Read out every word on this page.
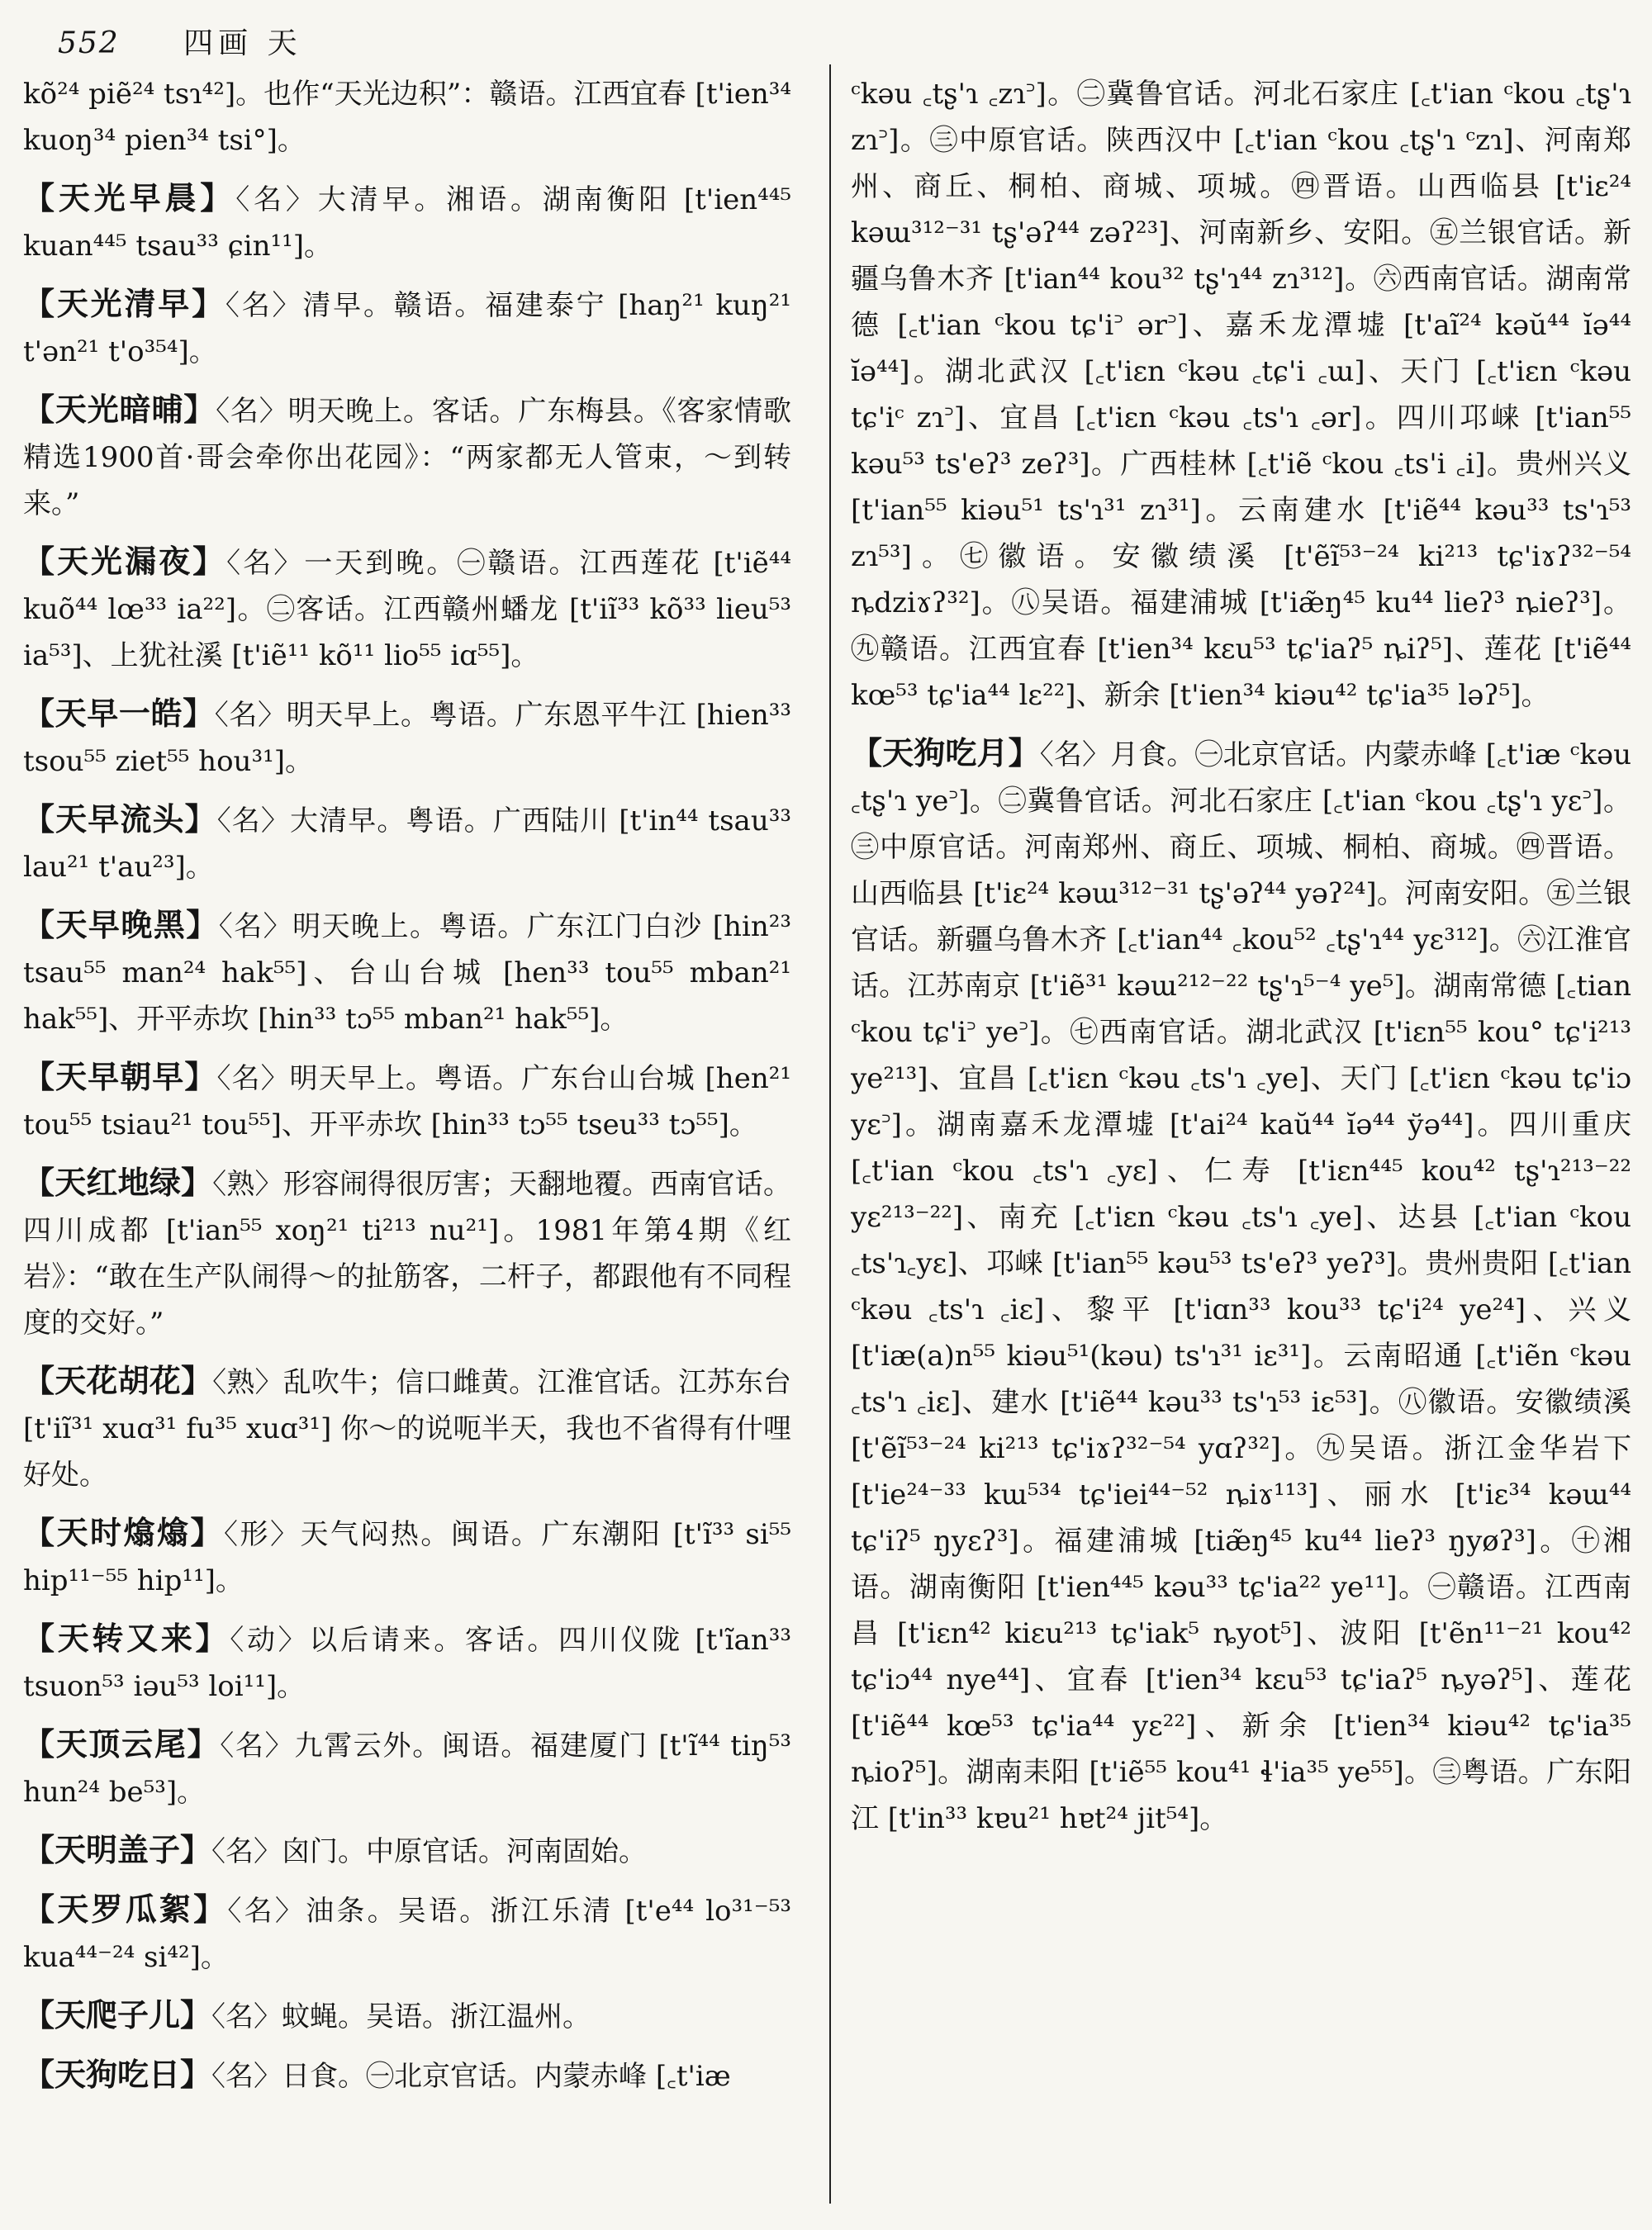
552 四画 天

kõ²⁴ piẽ²⁴ tsɿ⁴²]。也作“天光边积”：赣语。江西宜春 [t'ien³⁴ kuoŋ³⁴ pien³⁴ tsi°]。

【天光早晨】〈名〉大清早。湘语。湖南衡阳 [t'ien⁴⁴⁵ kuan⁴⁴⁵ tsau³³ ɕin¹¹]。

【天光清早】〈名〉清早。赣语。福建泰宁 [haŋ²¹ kuŋ²¹ t'ən²¹ t'o³⁵⁴]。

【天光暗晡】〈名〉明天晚上。客话。广东梅县。《客家情歌精选1900首·哥会牵你出花园》：“两家都无人管束，～到转来。”

【天光漏夜】〈名〉一天到晚。㊀赣语。江西莲花 [t'iẽ⁴⁴ kuõ⁴⁴ lœ³³ ia²²]。㊁客话。江西赣州蟠龙 [t'iĩ³³ kõ³³ lieu⁵³ ia⁵³]、上犹社溪 [t'iẽ¹¹ kõ¹¹ lio⁵⁵ iɑ⁵⁵]。

【天早一皓】〈名〉明天早上。粤语。广东恩平牛江 [hien³³ tsou⁵⁵ ziet⁵⁵ hou³¹]。

【天早流头】〈名〉大清早。粤语。广西陆川 [t'in⁴⁴ tsau³³ lau²¹ t'au²³]。

【天早晚黑】〈名〉明天晚上。粤语。广东江门白沙 [hin²³ tsau⁵⁵ man²⁴ hak⁵⁵]、台山台城 [hen³³ tou⁵⁵ mban²¹ hak⁵⁵]、开平赤坎 [hin³³ tɔ⁵⁵ mban²¹ hak⁵⁵]。

【天早朝早】〈名〉明天早上。粤语。广东台山台城 [hen²¹ tou⁵⁵ tsiau²¹ tou⁵⁵]、开平赤坎 [hin³³ tɔ⁵⁵ tseu³³ tɔ⁵⁵]。

【天红地绿】〈熟〉形容闹得很厉害；天翻地覆。西南官话。四川成都 [t'ian⁵⁵ xoŋ²¹ ti²¹³ nu²¹]。1981年第4期《红岩》：“敢在生产队闹得～的扯筋客，二杆子，都跟他有不同程度的交好。”

【天花胡花】〈熟〉乱吹牛；信口雌黄。江淮官话。江苏东台 [t'iĩ³¹ xuɑ³¹ fu³⁵ xuɑ³¹] 你～的说呃半天，我也不省得有什哩好处。

【天时熻熻】〈形〉天气闷热。闽语。广东潮阳 [t'ĩ³³ si⁵⁵ hip¹¹⁻⁵⁵ hip¹¹]。

【天转又来】〈动〉以后请来。客话。四川仪陇 [t'ĩan³³ tsuon⁵³ iəu⁵³ loi¹¹]。

【天顶云尾】〈名〉九霄云外。闽语。福建厦门 [t'ĩ⁴⁴ tiŋ⁵³ hun²⁴ be⁵³]。

【天明盖子】〈名〉囟门。中原官话。河南固始。

【天罗瓜絮】〈名〉油条。吴语。浙江乐清 [t'e⁴⁴ lo³¹⁻⁵³ kua⁴⁴⁻²⁴ si⁴²]。

【天爬子儿】〈名〉蚊蝇。吴语。浙江温州。

【天狗吃日】〈名〉日食。㊀北京官话。内蒙赤峰 [꜀t'iæ

ᶜkəu ꜀tʂ'ɿ ꜀zɿ꜄]。㊁冀鲁官话。河北石家庄 [꜀t'ian ᶜkou ꜀tʂ'ɿ zɿ꜄]。㊂中原官话。陕西汉中 [꜀t'ian ᶜkou ꜀tʂ'ɿ ᶜzɿ]、河南郑州、商丘、桐柏、商城、项城。㊃晋语。山西临县 [t'iɛ²⁴ kəɯ³¹²⁻³¹ tʂ'əʔ⁴⁴ zəʔ²³]、河南新乡、安阳。㊄兰银官话。新疆乌鲁木齐 [t'ian⁴⁴ kou³² tʂ'ɿ⁴⁴ zɿ³¹²]。㊅西南官话。湖南常德 [꜀t'ian ᶜkou tɕ'i꜄ ər꜄]、嘉禾龙潭墟 [t'aĩ²⁴ kəŭ⁴⁴ ĭə⁴⁴ ĭə⁴⁴]。湖北武汉 [꜀t'iɛn ᶜkəu ꜀tɕ'i ꜀ɯ]、天门 [꜀t'iɛn ᶜkəu tɕ'iᶜ zɿ꜄]、宜昌 [꜀t'iɛn ᶜkəu ꜀ts'ɿ ꜀ər]。四川邛崃 [t'ian⁵⁵ kəu⁵³ ts'eʔ³ zeʔ³]。广西桂林 [꜀t'iẽ ᶜkou ꜀ts'i ꜀i]。贵州兴义 [t'ian⁵⁵ kiəu⁵¹ ts'ɿ³¹ zɿ³¹]。云南建水 [t'iẽ⁴⁴ kəu³³ ts'ɿ⁵³ zɿ⁵³]。㊆徽语。安徽绩溪 [t'ẽĩ⁵³⁻²⁴ ki²¹³ tɕ'iɤʔ³²⁻⁵⁴ ȵdziɤʔ³²]。㊇吴语。福建浦城 [t'iæ̃ŋ⁴⁵ ku⁴⁴ lieʔ³ ȵieʔ³]。㊈赣语。江西宜春 [t'ien³⁴ kɛu⁵³ tɕ'iaʔ⁵ ȵiʔ⁵]、莲花 [t'iẽ⁴⁴ kœ⁵³ tɕ'ia⁴⁴ lɛ²²]、新余 [t'ien³⁴ kiəu⁴² tɕ'ia³⁵ ləʔ⁵]。

【天狗吃月】〈名〉月食。㊀北京官话。内蒙赤峰 [꜀t'iæ ᶜkəu ꜀tʂ'ɿ ye꜄]。㊁冀鲁官话。河北石家庄 [꜀t'ian ᶜkou ꜀tʂ'ɿ yɛ꜄]。㊂中原官话。河南郑州、商丘、项城、桐柏、商城。㊃晋语。山西临县 [t'iɛ²⁴ kəɯ³¹²⁻³¹ tʂ'əʔ⁴⁴ yəʔ²⁴]。河南安阳。㊄兰银官话。新疆乌鲁木齐 [꜀t'ian⁴⁴ ꜀kou⁵² ꜀tʂ'ɿ⁴⁴ yɛ³¹²]。㊅江淮官话。江苏南京 [t'iẽ³¹ kəɯ²¹²⁻²² tʂ'ɿ⁵⁻⁴ ye⁵]。湖南常德 [꜀tian ᶜkou tɕ'i꜄ ye꜄]。㊆西南官话。湖北武汉 [t'iɛn⁵⁵ kou° tɕ'i²¹³ ye²¹³]、宜昌 [꜀t'iɛn ᶜkəu ꜀ts'ɿ ꜀ye]、天门 [꜀t'iɛn ᶜkəu tɕ'iɔ yɛ꜄]。湖南嘉禾龙潭墟 [t'ai²⁴ kaŭ⁴⁴ ĭə⁴⁴ ўə⁴⁴]。四川重庆 [꜀t'ian ᶜkou ꜀ts'ɿ ꜀yɛ]、仁寿 [t'iɛn⁴⁴⁵ kou⁴² tʂ'ɿ²¹³⁻²² yɛ²¹³⁻²²]、南充 [꜀t'iɛn ᶜkəu ꜀ts'ɿ ꜀ye]、达县 [꜀t'ian ᶜkou ꜀ts'ɿ꜀yɛ]、邛崃 [t'ian⁵⁵ kəu⁵³ ts'eʔ³ yeʔ³]。贵州贵阳 [꜀t'ian ᶜkəu ꜀ts'ɿ ꜀iɛ]、黎平 [t'iɑn³³ kou³³ tɕ'i²⁴ ye²⁴]、兴义 [t'iæ(a)n⁵⁵ kiəu⁵¹(kəu) ts'ɿ³¹ iɛ³¹]。云南昭通 [꜀t'iẽn ᶜkəu ꜀ts'ɿ ꜀iɛ]、建水 [t'iẽ⁴⁴ kəu³³ ts'ɿ⁵³ iɛ⁵³]。㊇徽语。安徽绩溪 [t'ẽĩ⁵³⁻²⁴ ki²¹³ tɕ'iɤʔ³²⁻⁵⁴ yɑʔ³²]。㊈吴语。浙江金华岩下 [t'ie²⁴⁻³³ kɯ⁵³⁴ tɕ'iei⁴⁴⁻⁵² ȵiɤ¹¹³]、丽水 [t'iɛ³⁴ kəɯ⁴⁴ tɕ'iʔ⁵ ŋyɛʔ³]。福建浦城 [tiæ̃ŋ⁴⁵ ku⁴⁴ lieʔ³ ŋyøʔ³]。㊉湘语。湖南衡阳 [t'ien⁴⁴⁵ kəu³³ tɕ'ia²² ye¹¹]。㊀赣语。江西南昌 [t'iɛn⁴² kiɛu²¹³ tɕ'iak⁵ ȵyot⁵]、波阳 [t'ẽn¹¹⁻²¹ kou⁴² tɕ'iɔ⁴⁴ nye⁴⁴]、宜春 [t'ien³⁴ kɛu⁵³ tɕ'iaʔ⁵ ȵyəʔ⁵]、莲花 [t'iẽ⁴⁴ kœ⁵³ tɕ'ia⁴⁴ yɛ²²]、新余 [t'ien³⁴ kiəu⁴² tɕ'ia³⁵ ȵioʔ⁵]。湖南耒阳 [t'iẽ⁵⁵ kou⁴¹ ɬ'ia³⁵ ye⁵⁵]。㊂粤语。广东阳江 [t'in³³ kɐu²¹ hɐt²⁴ jit⁵⁴]。
